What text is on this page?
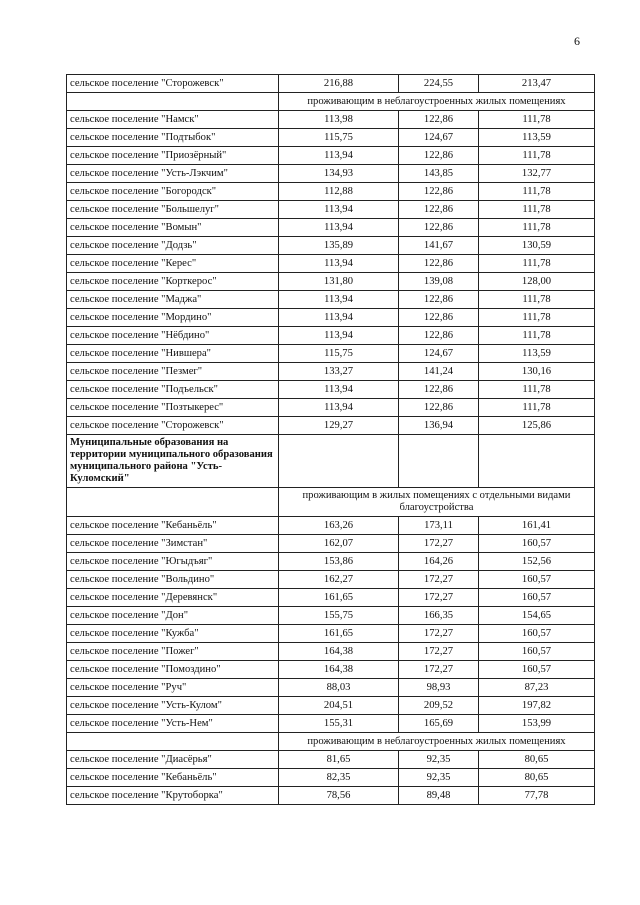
6
сельское поселение "Сторожевск"	216,88	224,55	213,47
	проживающим в неблагоустроенных жилых помещениях		
сельское поселение "Намск"	113,98	122,86	111,78
сельское поселение "Подтыбок"	115,75	124,67	113,59
сельское поселение "Приозёрный"	113,94	122,86	111,78
сельское поселение "Усть-Лэкчим"	134,93	143,85	132,77
сельское поселение "Богородск"	112,88	122,86	111,78
сельское поселение "Большелуг"	113,94	122,86	111,78
сельское поселение "Вомын"	113,94	122,86	111,78
сельское поселение "Додзь"	135,89	141,67	130,59
сельское поселение "Керес"	113,94	122,86	111,78
сельское поселение "Корткерос"	131,80	139,08	128,00
сельское поселение "Маджа"	113,94	122,86	111,78
сельское поселение "Мордино"	113,94	122,86	111,78
сельское поселение "Нёбдино"	113,94	122,86	111,78
сельское поселение "Нившера"	115,75	124,67	113,59
сельское поселение "Пезмег"	133,27	141,24	130,16
сельское поселение "Подъельск"	113,94	122,86	111,78
сельское поселение "Позтыкерес"	113,94	122,86	111,78
сельское поселение "Сторожевск"	129,27	136,94	125,86
Муниципальные образования на территории муниципального образования муниципального района "Усть-Куломский"			
	проживающим в жилых помещениях с отдельными видами благоустройства		
сельское поселение "Кебаньёль"	163,26	173,11	161,41
сельское поселение "Зимстан"	162,07	172,27	160,57
сельское поселение "Югыдъяг"	153,86	164,26	152,56
сельское поселение "Вольдино"	162,27	172,27	160,57
сельское поселение "Деревянск"	161,65	172,27	160,57
сельское поселение "Дон"	155,75	166,35	154,65
сельское поселение "Кужба"	161,65	172,27	160,57
сельское поселение "Пожег"	164,38	172,27	160,57
сельское поселение "Помоздино"	164,38	172,27	160,57
сельское поселение "Руч"	88,03	98,93	87,23
сельское поселение "Усть-Кулом"	204,51	209,52	197,82
сельское поселение "Усть-Нем"	155,31	165,69	153,99
	проживающим в неблагоустроенных жилых помещениях		
сельское поселение "Диасёрья"	81,65	92,35	80,65
сельское поселение "Кебаньёль"	82,35	92,35	80,65
сельское поселение "Крутоборка"	78,56	89,48	77,78
